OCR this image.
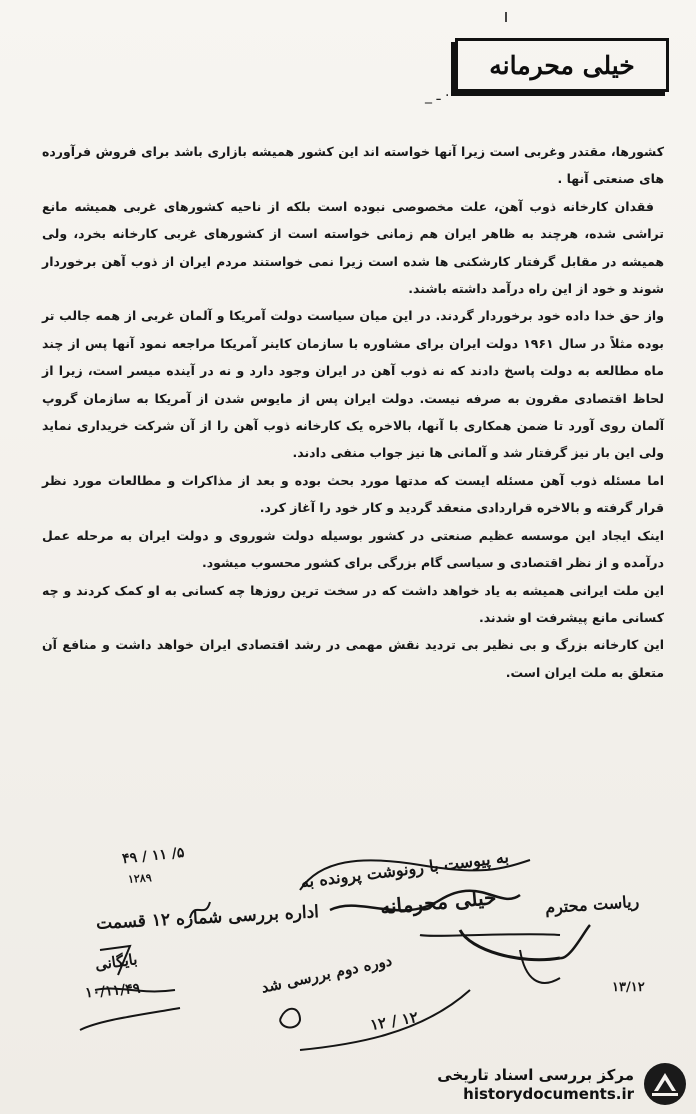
خیلی محرمانه
_ ـ ·

کشورها، مقتدر وغربی است زیرا آنها خواسته اند این کشور همیشه بازاری باشد برای فروش فرآورده های صنعتی آنها .

فقدان کارخانه ذوب آهن، علت مخصوصی نبوده است بلکه از ناحیه کشورهای غربی همیشه مانع تراشی شده، هرچند به ظاهر ایران هم زمانی خواسته است از کشورهای غربی کارخانه بخرد، ولی همیشه در مقابل گرفتار کارشکنی ها شده است زیرا نمی خواستند مردم ایران از ذوب آهن برخوردار شوند و خود از این راه درآمد داشته باشند.

واز حق خدا داده خود برخوردار گردند. در این میان سیاست دولت آمریکا و آلمان غربی از همه جالب تر بوده مثلاً در سال ۱۹۶۱ دولت ایران برای مشاوره با سازمان کاینر آمریکا مراجعه نمود آنها پس از چند ماه مطالعه به دولت پاسخ دادند که نه ذوب آهن در ایران وجود دارد و نه در آینده میسر است، زیرا از لحاظ اقتصادی مقرون به صرفه نیست. دولت ایران پس از مایوس شدن از آمریکا به سازمان گروپ آلمان روی آورد تا ضمن همکاری با آنها، بالاخره یک کارخانه ذوب آهن را از آن شرکت خریداری نماید ولی این بار نیز گرفتار شد و آلمانی ها نیز جواب منفی دادند.

اما مسئله ذوب آهن مسئله ایست که مدتها مورد بحث بوده و بعد از مذاکرات و مطالعات مورد نظر قرار گرفته و بالاخره قراردادی منعقد گردید و کار خود را آغاز کرد.

اینک ایجاد این موسسه عظیم صنعتی در کشور بوسیله دولت شوروی و دولت ایران به مرحله عمل درآمده و از نظر اقتصادی و سیاسی گام بزرگی برای کشور محسوب میشود.

این ملت ایرانی همیشه به یاد خواهد داشت که در سخت ترین روزها چه کسانی به او کمک کردند و چه کسانی مانع پیشرفت او شدند.

این کارخانه بزرگ و بی نظیر بی تردید نقش مهمی در رشد اقتصادی ایران خواهد داشت و منافع آن متعلق به ملت ایران است.

۵/ ۱۱ / ۴۹
۱۲۸۹
اداره بررسی شماره ۱۲ قسمت
بایگانی
۱۰/۱۱/۴۹
به پیوست با رونوشت پرونده به
خیلی محرمانه	ریاست محترم
۱۳/۱۲
دوره دوم بررسی شد
۱۲ / ۱۲
مرکز بررسی اسناد تاریخی
historydocuments.ir
